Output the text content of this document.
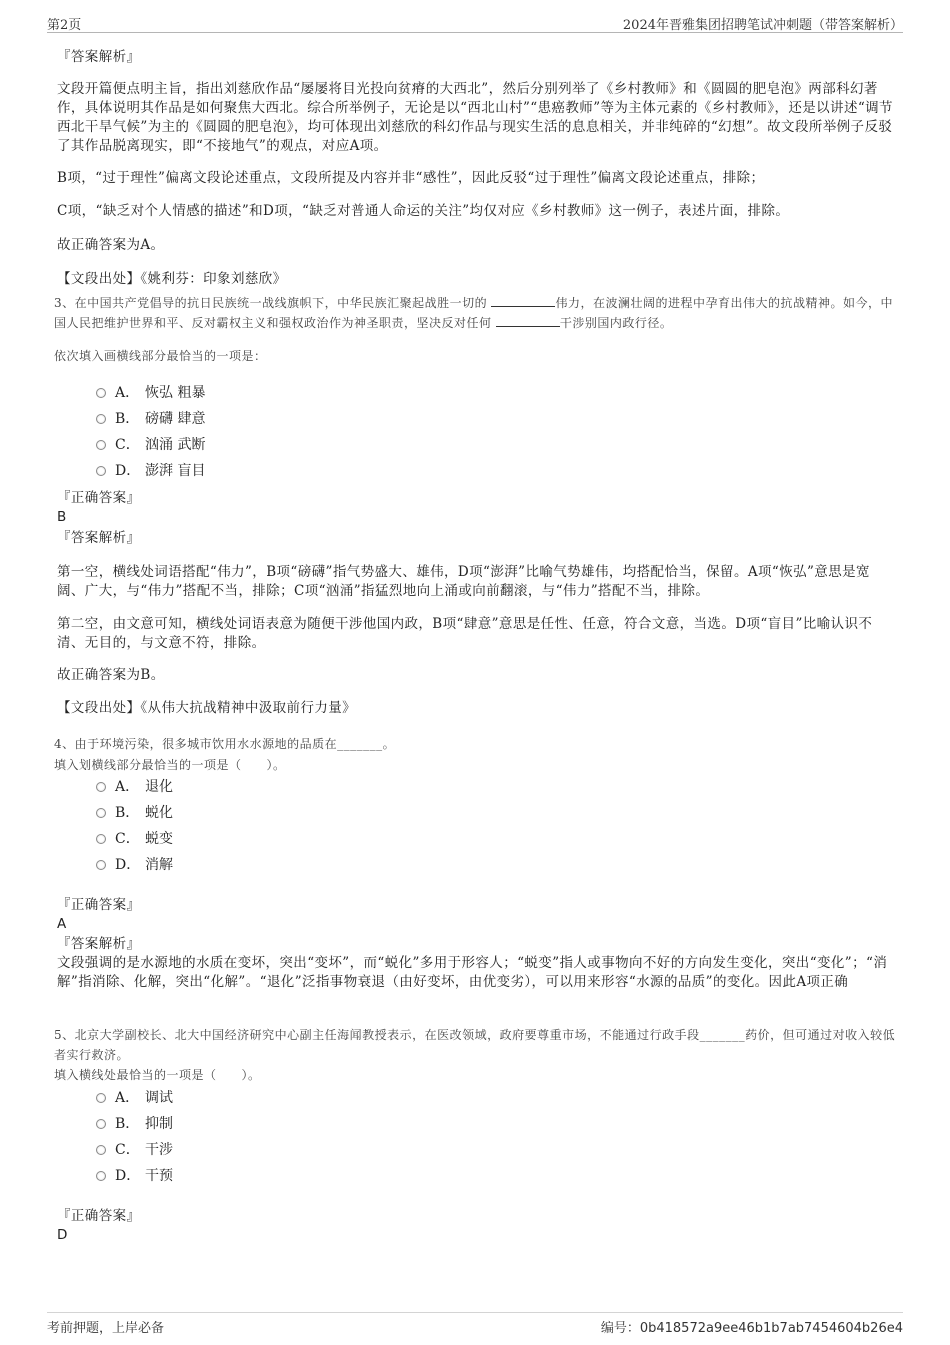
第2页	2024年晋雅集团招聘笔试冲刺题（带答案解析）

『答案解析』

文段开篇便点明主旨，指出刘慈欣作品“屡屡将目光投向贫瘠的大西北”，然后分别列举了《乡村教师》和《圆圆的肥皂泡》两部科幻著作，具体说明其作品是如何聚焦大西北。综合所举例子，无论是以“西北山村”“患癌教师”等为主体元素的《乡村教师》，还是以讲述“调节西北干旱气候”为主的《圆圆的肥皂泡》，均可体现出刘慈欣的科幻作品与现实生活的息息相关，并非纯碎的“幻想”。故文段所举例子反驳了其作品脱离现实，即“不接地气”的观点，对应A项。

B项，“过于理性”偏离文段论述重点，文段所提及内容并非“感性”，因此反驳“过于理性”偏离文段论述重点，排除；

C项，“缺乏对个人情感的描述”和D项，“缺乏对普通人命运的关注”均仅对应《乡村教师》这一例子，表述片面，排除。

故正确答案为A。

【文段出处】《姚利芬：印象刘慈欣》

3、在中国共产党倡导的抗日民族统一战线旗帜下，中华民族汇聚起战胜一切的	伟力，在波澜壮阔的进程中孕育出伟大的抗战精神。如今，中国人民把维护世界和平、反对霸权主义和强权政治作为神圣职责，坚决反对任何	干涉别国内政行径。

依次填入画横线部分最恰当的一项是：

A． 恢弘 粗暴
B． 磅礴 肆意
C． 汹涌 武断
D． 澎湃 盲目

『正确答案』

B

『答案解析』

第一空，横线处词语搭配“伟力”，B项“磅礴”指气势盛大、雄伟，D项“澎湃”比喻气势雄伟，均搭配恰当，保留。A项“恢弘”意思是宽阔、广大，与“伟力”搭配不当，排除；C项“汹涌”指猛烈地向上涌或向前翻滚，与“伟力”搭配不当，排除。

第二空，由文意可知，横线处词语表意为随便干涉他国内政，B项“肆意”意思是任性、任意，符合文意，当选。D项“盲目”比喻认识不清、无目的，与文意不符，排除。

故正确答案为B。

【文段出处】《从伟大抗战精神中汲取前行力量》

4、由于环境污染，很多城市饮用水水源地的品质在_______。

填入划横线部分最恰当的一项是（　　）。

A． 退化
B． 蜕化
C． 蜕变
D． 消解

『正确答案』

A

『答案解析』

文段强调的是水源地的水质在变坏，突出“变坏”，而“蜕化”多用于形容人；“蜕变”指人或事物向不好的方向发生变化，突出“变化”；“消解”指消除、化解，突出“化解”。“退化”泛指事物衰退（由好变坏，由优变劣），可以用来形容“水源的品质”的变化。因此A项正确

5、北京大学副校长、北大中国经济研究中心副主任海闻教授表示，在医改领域，政府要尊重市场，不能通过行政手段_______药价，但可通过对收入较低者实行救济。

填入横线处最恰当的一项是（　　）。

A． 调试
B． 抑制
C． 干涉
D． 干预

『正确答案』

D

考前押题，上岸必备	编号：0b418572a9ee46b1b7ab7454604b26e4
